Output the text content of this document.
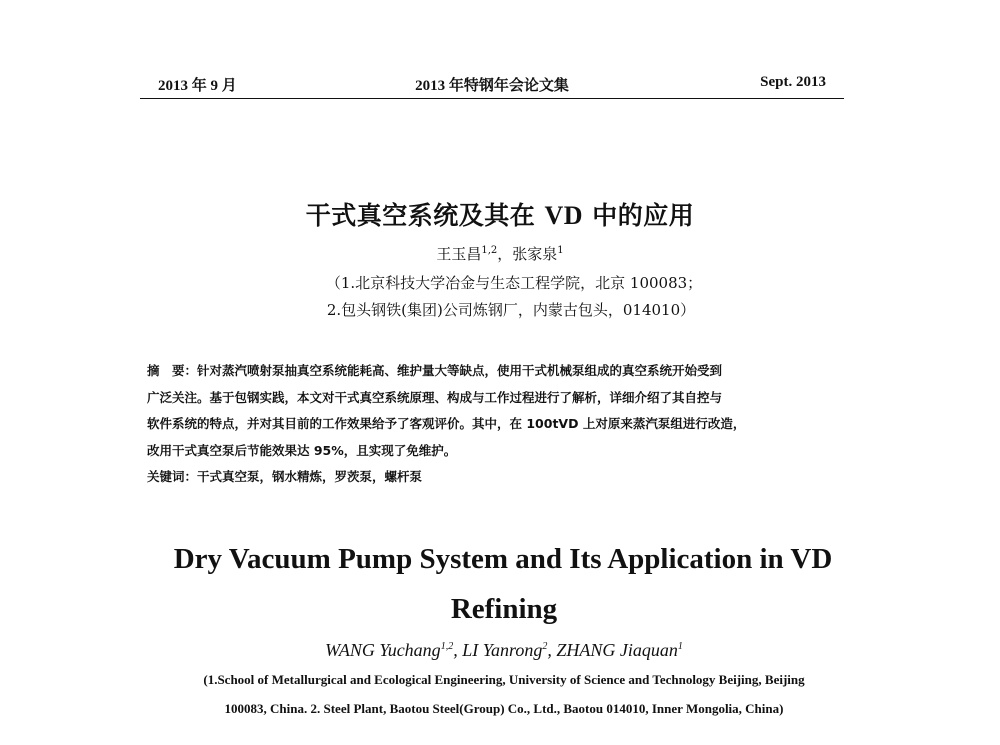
2013 年 9 月	2013 年特钢年会论文集	Sept. 2013
干式真空系统及其在 VD 中的应用
王玉昌$^{1,2}$，张家泉$^1$
（1.北京科技大学冶金与生态工程学院，北京 100083；
2.包头钢铁(集团)公司炼钢厂，内蒙古包头，014010）
摘　要：针对蒸汽喷射泵抽真空系统能耗高、维护量大等缺点，使用干式机械泵组成的真空系统开始受到
广泛关注。基于包钢实践，本文对干式真空系统原理、构成与工作过程进行了解析，详细介绍了其自控与
软件系统的特点，并对其目前的工作效果给予了客观评价。其中，在 100tVD 上对原来蒸汽泵组进行改造，
改用干式真空泵后节能效果达 95%，且实现了免维护。
关键词：干式真空泵，钢水精炼，罗茨泵，螺杆泵
Dry Vacuum Pump System and Its Application in VD
Refining
WANG Yuchang$^{1,2}$, LI Yanrong$^2$, ZHANG Jiaquan$^1$
(1.School of Metallurgical and Ecological Engineering, University of Science and Technology Beijing, Beijing
100083, China. 2. Steel Plant, Baotou Steel(Group) Co., Ltd., Baotou 014010, Inner Mongolia, China)
